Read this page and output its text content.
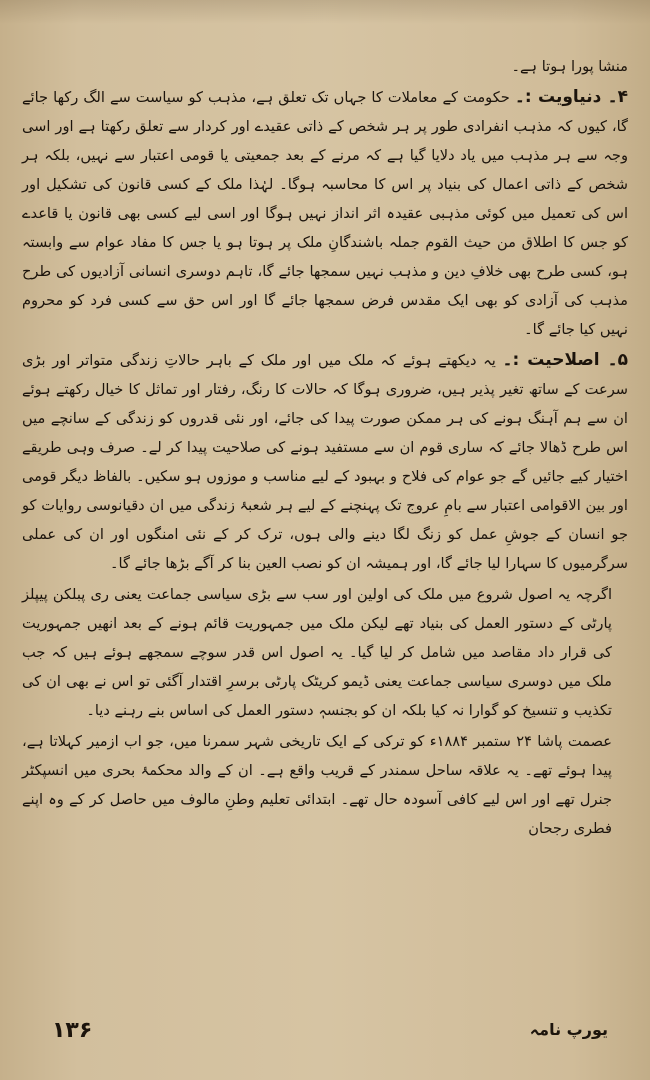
منشا پورا ہوتا ہے۔

۴۔ دنیاویت :۔ حکومت کے معاملات کا جہاں تک تعلق ہے، مذہب کو سیاست سے الگ رکھا جائے گا، کیوں کہ مذہب انفرادی طور پر ہر شخص کے ذاتی عقیدے اور کردار سے تعلق رکھتا ہے اور اسی وجہ سے ہر مذہب میں یاد دلایا گیا ہے کہ مرنے کے بعد جمعیتی یا قومی اعتبار سے نہیں، بلکہ ہر شخص کے ذاتی اعمال کی بنیاد پر اس کا محاسبہ ہوگا۔ لہٰذا ملک کے کسی قانون کی تشکیل اور اس کی تعمیل میں کوئی مذہبی عقیدہ اثر انداز نہیں ہوگا اور اسی لیے کسی بھی قانون یا قاعدے کو جس کا اطلاق من حیث القوم جملہ باشندگانِ ملک پر ہوتا ہو یا جس کا مفاد عوام سے وابستہ ہو، کسی طرح بھی خلافِ دین و مذہب نہیں سمجھا جائے گا، تاہم دوسری انسانی آزادیوں کی طرح مذہب کی آزادی کو بھی ایک مقدس فرض سمجھا جائے گا اور اس حق سے کسی فرد کو محروم نہیں کیا جائے گا۔

۵۔ اصلاحیت :۔ یہ دیکھتے ہوئے کہ ملک میں اور ملک کے باہر حالاتِ زندگی متواتر اور بڑی سرعت کے ساتھ تغیر پذیر ہیں، ضروری ہوگا کہ حالات کا رنگ، رفتار اور تماثل کا خیال رکھتے ہوئے ان سے ہم آہنگ ہونے کی ہر ممکن صورت پیدا کی جائے، اور نئی قدروں کو زندگی کے سانچے میں اس طرح ڈھالا جائے کہ ساری قوم ان سے مستفید ہونے کی صلاحیت پیدا کر لے۔ صرف وہی طریقے اختیار کیے جائیں گے جو عوام کی فلاح و بہبود کے لیے مناسب و موزوں ہو سکیں۔ بالفاظ دیگر قومی اور بین الاقوامی اعتبار سے بامِ عروج تک پہنچنے کے لیے ہر شعبۂ زندگی میں ان دقیانوسی روایات کو جو انسان کے جوشِ عمل کو زنگ لگا دینے والی ہوں، ترک کر کے نئی امنگوں اور ان کی عملی سرگرمیوں کا سہارا لیا جائے گا، اور ہمیشہ ان کو نصب العین بنا کر آگے بڑھا جائے گا۔

اگرچہ یہ اصول شروع میں ملک کی اولین اور سب سے بڑی سیاسی جماعت یعنی ری پبلکن پیپلز پارٹی کے دستور العمل کی بنیاد تھے لیکن ملک میں جمہوریت قائم ہونے کے بعد انھیں جمہوریت کی قرار داد مقاصد میں شامل کر لیا گیا۔ یہ اصول اس قدر سوچے سمجھے ہوئے ہیں کہ جب ملک میں دوسری سیاسی جماعت یعنی ڈیمو کریٹک پارٹی برسرِ اقتدار آگئی تو اس نے بھی ان کی تکذیب و تنسیخ کو گوارا نہ کیا بلکہ ان کو بجنسہٖ دستور العمل کی اساس بنے رہنے دیا۔

عصمت پاشا ۲۴ ستمبر ۱۸۸۴ء کو ترکی کے ایک تاریخی شہر سمرنا میں، جو اب ازمیر کہلاتا ہے، پیدا ہوئے تھے۔ یہ علاقہ ساحل سمندر کے قریب واقع ہے۔ ان کے والد محکمۂ بحری میں انسپکٹر جنرل تھے اور اس لیے کافی آسودہ حال تھے۔ ابتدائی تعلیم وطنِ مالوف میں حاصل کر کے وہ اپنے فطری رجحان

۱۳۶	یورپ نامہ
